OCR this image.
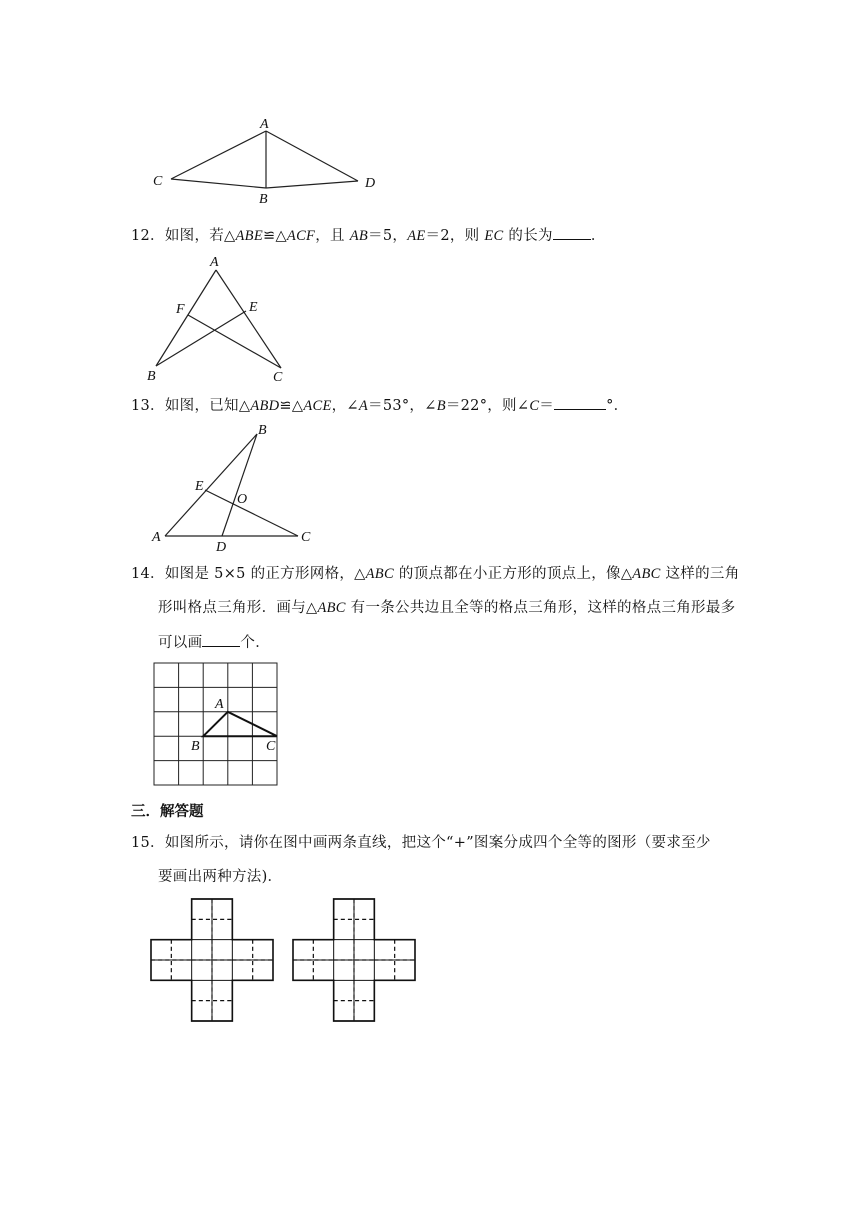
A
C
B
D
12．如图，若△ABE≌△ACF，且 AB＝5，AE＝2，则 EC 的长为	．
A
F	E
B	C
13．如图，已知△ABD≌△ACE，∠A＝53°，∠B＝22°，则∠C＝	°．
B
E
O
A
D
C
14．如图是 5×5 的正方形网格，△ABC 的顶点都在小正方形的顶点上，像△ABC 这样的三角
形叫格点三角形．画与△ABC 有一条公共边且全等的格点三角形，这样的格点三角形最多
可以画	个．
A
B	C
三．解答题
15．如图所示，请你在图中画两条直线，把这个“+”图案分成四个全等的图形（要求至少
要画出两种方法)．
